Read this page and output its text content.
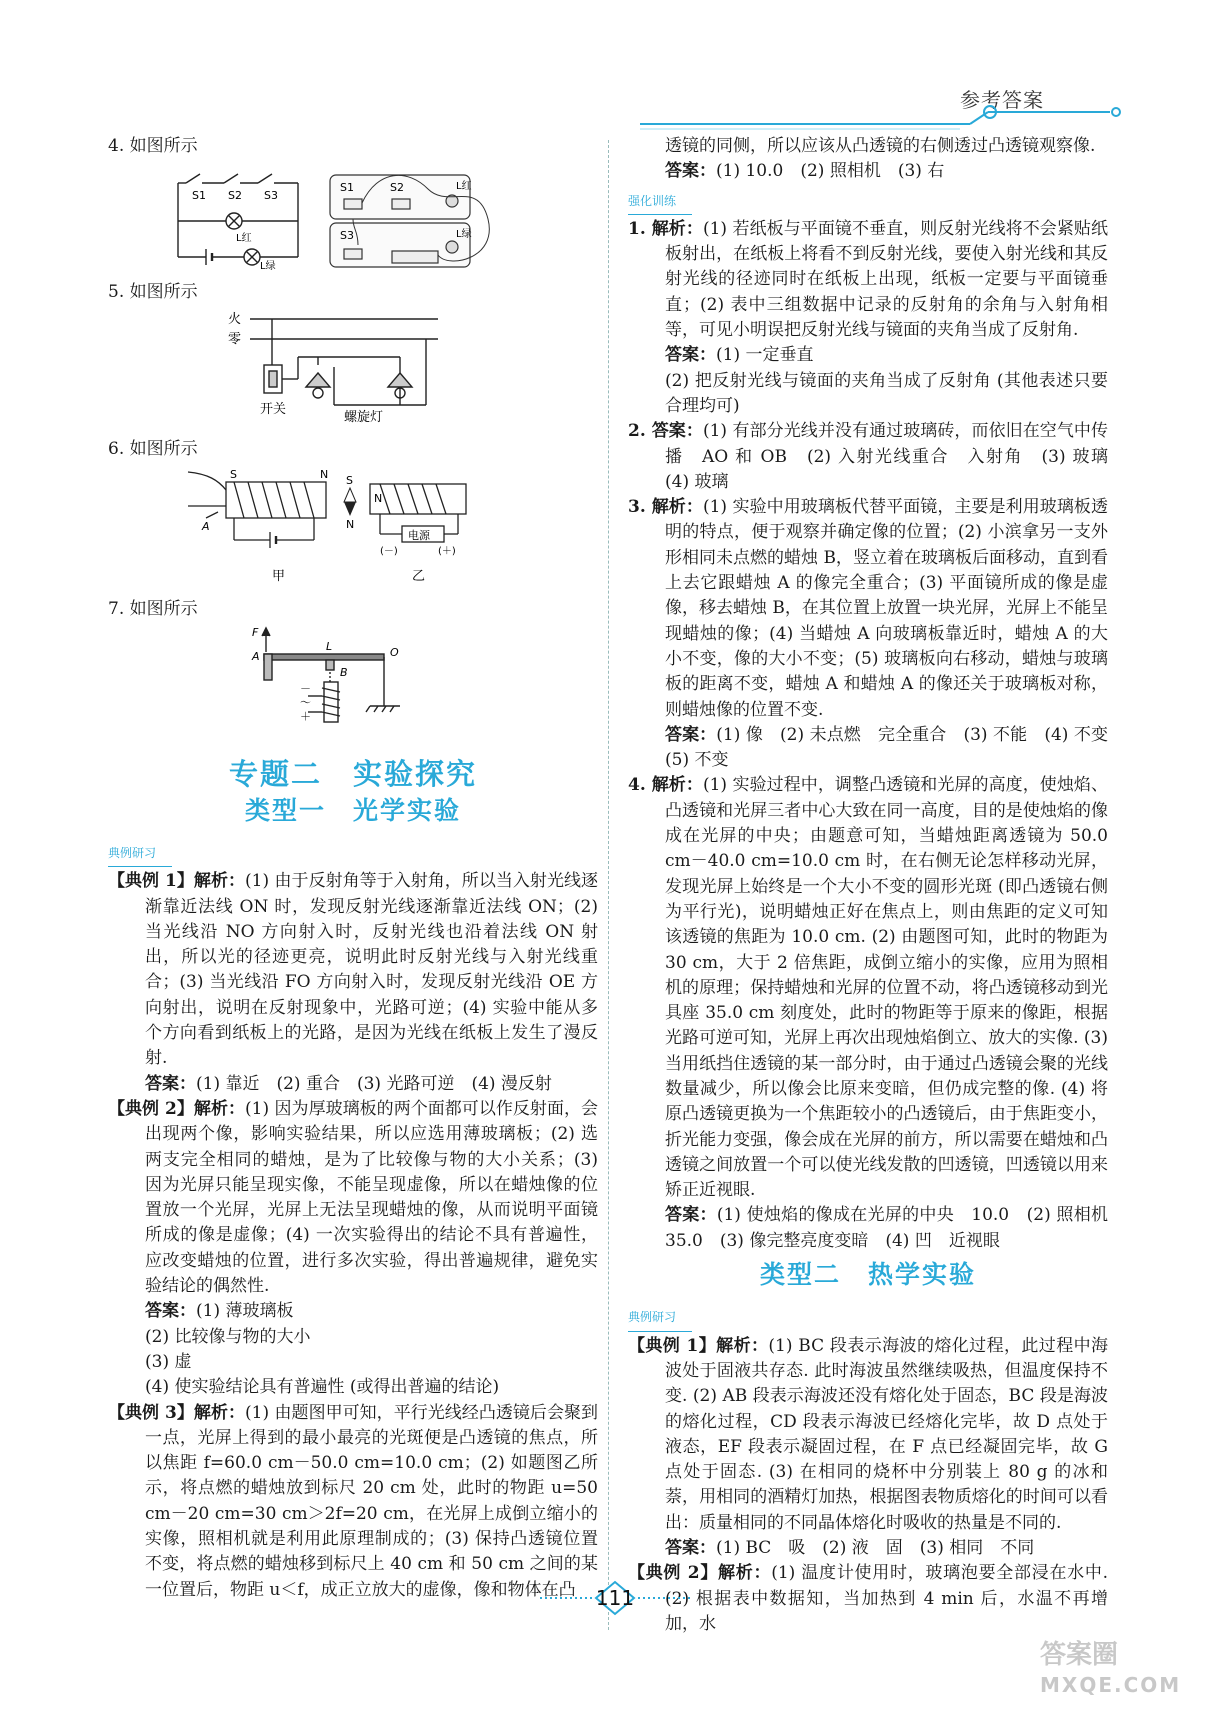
参考答案

4. 如图所示

S1 S2 S3
L红
L绿
S1	S2
S3
L红
L绿

5. 如图所示

火
零
开关
螺旋灯

6. 如图所示

S	N S
N
N
A
电源
(－)	(＋)
甲	乙

7. 如图所示

F
A
L
B
O
－
～
＋
专题二　实验探究
类型一　光学实验
典例研习

【典例 1】解析：(1) 由于反射角等于入射角，所以当入射光线逐渐靠近法线 ON 时，发现反射光线逐渐靠近法线 ON；(2) 当光线沿 NO 方向射入时，反射光线也沿着法线 ON 射出，所以光的径迹更亮，说明此时反射光线与入射光线重合；(3) 当光线沿 FO 方向射入时，发现反射光线沿 OE 方向射出，说明在反射现象中，光路可逆；(4) 实验中能从多个方向看到纸板上的光路，是因为光线在纸板上发生了漫反射.

答案：(1) 靠近　(2) 重合　(3) 光路可逆　(4) 漫反射

【典例 2】解析：(1) 因为厚玻璃板的两个面都可以作反射面，会出现两个像，影响实验结果，所以应选用薄玻璃板；(2) 选两支完全相同的蜡烛，是为了比较像与物的大小关系；(3) 因为光屏只能呈现实像，不能呈现虚像，所以在蜡烛像的位置放一个光屏，光屏上无法呈现蜡烛的像，从而说明平面镜所成的像是虚像；(4) 一次实验得出的结论不具有普遍性，应改变蜡烛的位置，进行多次实验，得出普遍规律，避免实验结论的偶然性.

答案：(1) 薄玻璃板

(2) 比较像与物的大小

(3) 虚

(4) 使实验结论具有普遍性 (或得出普遍的结论)

【典例 3】解析：(1) 由题图甲可知，平行光线经凸透镜后会聚到一点，光屏上得到的最小最亮的光斑便是凸透镜的焦点，所以焦距 f=60.0 cm－50.0 cm=10.0 cm；(2) 如题图乙所示，将点燃的蜡烛放到标尺 20 cm 处，此时的物距 u=50 cm－20 cm=30 cm＞2f=20 cm，在光屏上成倒立缩小的实像，照相机就是利用此原理制成的；(3) 保持凸透镜位置不变，将点燃的蜡烛移到标尺上 40 cm 和 50 cm 之间的某一位置后，物距 u＜f，成正立放大的虚像，像和物体在凸

透镜的同侧，所以应该从凸透镜的右侧透过凸透镜观察像.

答案：(1) 10.0　(2) 照相机　(3) 右

强化训练

1. 解析：(1) 若纸板与平面镜不垂直，则反射光线将不会紧贴纸板射出，在纸板上将看不到反射光线，要使入射光线和其反射光线的径迹同时在纸板上出现，纸板一定要与平面镜垂直；(2) 表中三组数据中记录的反射角的余角与入射角相等，可见小明误把反射光线与镜面的夹角当成了反射角.

答案：(1) 一定垂直

(2) 把反射光线与镜面的夹角当成了反射角 (其他表述只要合理均可)

2. 答案：(1) 有部分光线并没有通过玻璃砖，而依旧在空气中传播　AO 和 OB　(2) 入射光线重合　入射角　(3) 玻璃　(4) 玻璃

3. 解析：(1) 实验中用玻璃板代替平面镜，主要是利用玻璃板透明的特点，便于观察并确定像的位置；(2) 小滨拿另一支外形相同未点燃的蜡烛 B，竖立着在玻璃板后面移动，直到看上去它跟蜡烛 A 的像完全重合；(3) 平面镜所成的像是虚像，移去蜡烛 B，在其位置上放置一块光屏，光屏上不能呈现蜡烛的像；(4) 当蜡烛 A 向玻璃板靠近时，蜡烛 A 的大小不变，像的大小不变；(5) 玻璃板向右移动，蜡烛与玻璃板的距离不变，蜡烛 A 和蜡烛 A 的像还关于玻璃板对称，则蜡烛像的位置不变.

答案：(1) 像　(2) 未点燃　完全重合　(3) 不能　(4) 不变　(5) 不变

4. 解析：(1) 实验过程中，调整凸透镜和光屏的高度，使烛焰、凸透镜和光屏三者中心大致在同一高度，目的是使烛焰的像成在光屏的中央；由题意可知，当蜡烛距离透镜为 50.0 cm－40.0 cm=10.0 cm 时，在右侧无论怎样移动光屏，发现光屏上始终是一个大小不变的圆形光斑 (即凸透镜右侧为平行光)，说明蜡烛正好在焦点上，则由焦距的定义可知该透镜的焦距为 10.0 cm. (2) 由题图可知，此时的物距为 30 cm，大于 2 倍焦距，成倒立缩小的实像，应用为照相机的原理；保持蜡烛和光屏的位置不动，将凸透镜移动到光具座 35.0 cm 刻度处，此时的物距等于原来的像距，根据光路可逆可知，光屏上再次出现烛焰倒立、放大的实像. (3) 当用纸挡住透镜的某一部分时，由于通过凸透镜会聚的光线数量减少，所以像会比原来变暗，但仍成完整的像. (4) 将原凸透镜更换为一个焦距较小的凸透镜后，由于焦距变小，折光能力变强，像会成在光屏的前方，所以需要在蜡烛和凸透镜之间放置一个可以使光线发散的凹透镜，凹透镜以用来矫正近视眼.

答案：(1) 使烛焰的像成在光屏的中央　10.0　(2) 照相机　35.0　(3) 像完整亮度变暗　(4) 凹　近视眼

类型二　热学实验
典例研习

【典例 1】解析：(1) BC 段表示海波的熔化过程，此过程中海波处于固液共存态. 此时海波虽然继续吸热，但温度保持不变. (2) AB 段表示海波还没有熔化处于固态，BC 段是海波的熔化过程，CD 段表示海波已经熔化完毕，故 D 点处于液态，EF 段表示凝固过程，在 F 点已经凝固完毕，故 G 点处于固态. (3) 在相同的烧杯中分别装上 80 g 的冰和萘，用相同的酒精灯加热，根据图表物质熔化的时间可以看出：质量相同的不同晶体熔化时吸收的热量是不同的.

答案：(1) BC　吸　(2) 液　固　(3) 相同　不同

【典例 2】解析：(1) 温度计使用时，玻璃泡要全部浸在水中. (2) 根据表中数据知，当加热到 4 min 后，水温不再增加，水

111
答案圈
MXQE.COM
